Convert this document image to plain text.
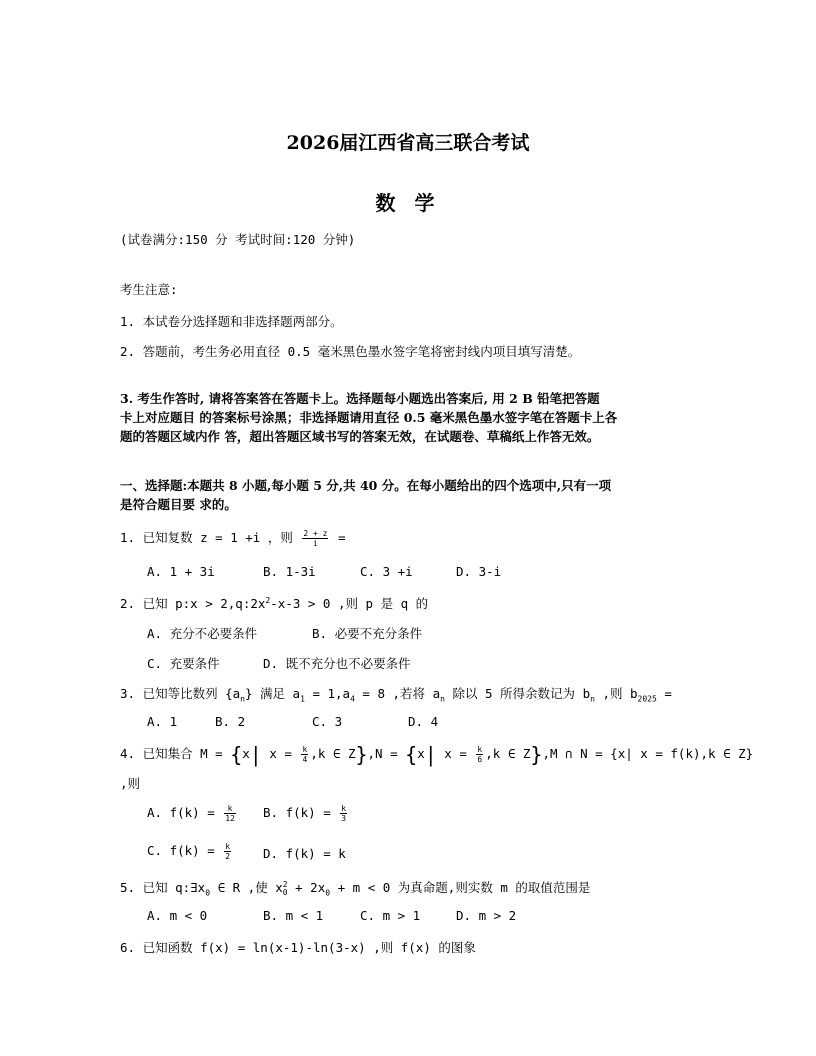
2026届江西省高三联合考试
数 学
(试卷满分:150 分 考试时间:120 分钟)
考生注意:
1. 本试卷分选择题和非选择题两部分。
2. 答题前，考生务必用直径 0.5 毫米黑色墨水签字笔将密封线内项目填写清楚。
3. 考生作答时, 请将答案答在答题卡上。选择题每小题选出答案后, 用 2 B 铅笔把答题
卡上对应题目 的答案标号涂黑；非选择题请用直径 0.5 毫米黑色墨水签字笔在答题卡上各
题的答题区域内作 答，超出答题区域书写的答案无效，在试题卷、草稿纸上作答无效。
一、选择题:本题共 8 小题,每小题 5 分,共 40 分。在每小题给出的四个选项中,只有一项
是符合题目要 求的。
1. 已知复数 z = 1 +i ，则 $\frac{2 + z}{i}$ =
A. 1 + 3i	B. 1-3i	C. 3 +i	D. 3-i
2. 已知 p:x > $2,q:2x^2-x-3 > 0$ ,则 p 是 q 的
A. 充分不必要条件	B. 必要不充分条件
C. 充要条件	D. 既不充分也不必要条件
3. 已知等比数列 $\{a_n\}$ 满足 $a_1 = 1,a_4 = 8$ ,若将 $a_n$ 除以 5 所得余数记为 $b_n$ ,则 $b_{2025}$ =
A. 1	B. 2	C. 3	D. 4
4. 已知集合 M = {x| $x = \frac{k}{4} ,k$ ∈ Z},N = {x| $x = \frac{k}{6} ,k$ ∈ Z},M ∩ N = {x| x = f(k),k ∈ Z}
,则
A. $f(k) = \frac{k}{12} B$. $f(k) = \frac{k}{3}$
C. $f(k) = \frac{k}{2}$	D. f(k) = k
5. 已知 $q:\exists x_0$ ∈ R ,使 x 2
$0 + 2x_0 + m < 0$ 为真命题,则实数 m 的取值范围是
A. m < 0	B. m < 1	C. m > 1	D. m > 2
6. 已知函数 f(x) = ln(x-1)-ln(3-x) ,则 f(x) 的图象
